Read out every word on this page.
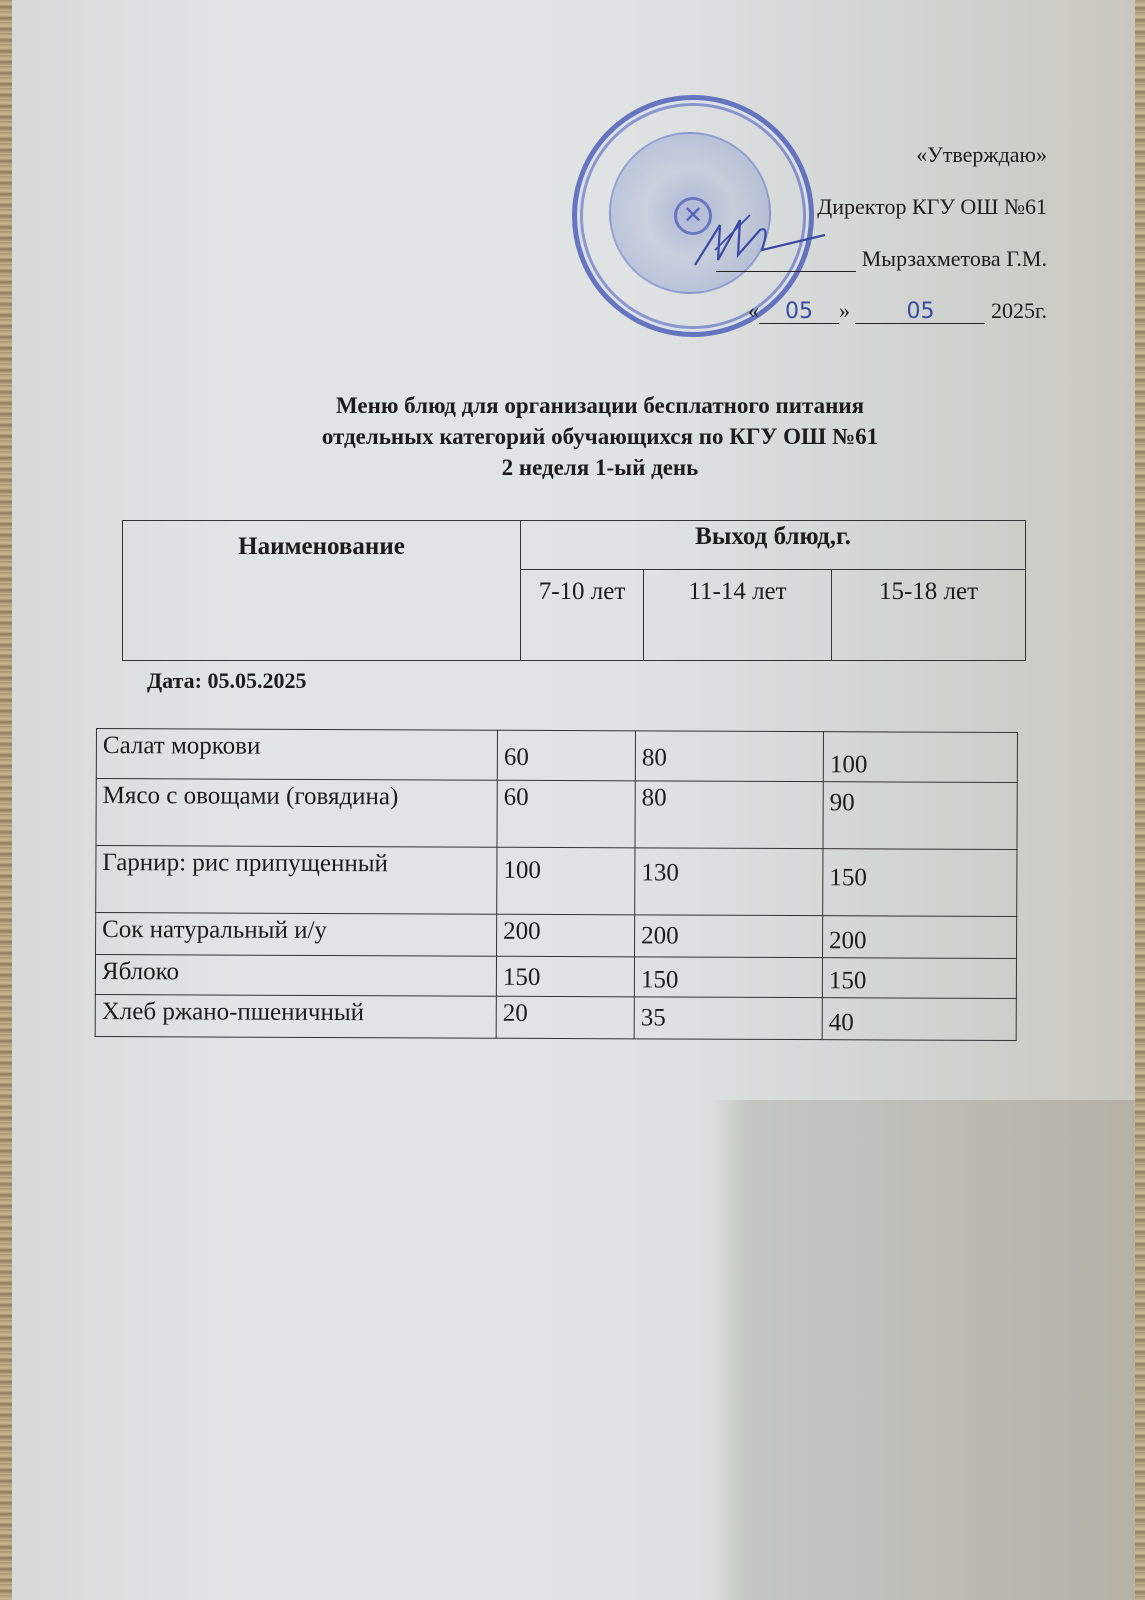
✕
«Утверждаю»
Директор КГУ ОШ №61
Мырзахметова Г.М.
« 05 »	05	2025г.
Меню блюд для организации бесплатного питания
отдельных категорий обучающихся по КГУ ОШ №61
2 неделя 1-ый день
Наименование	Выход блюд,г.		
	7-10 лет	11-14 лет	15-18 лет
Дата: 05.05.2025
Салат моркови	60	80	100
Мясо с овощами (говядина)	60	80	90
Гарнир: рис припущенный	100	130	150
Сок натуральный и/у	200	200	200
Яблоко	150	150	150
Хлеб ржано-пшеничный	20	35	40
